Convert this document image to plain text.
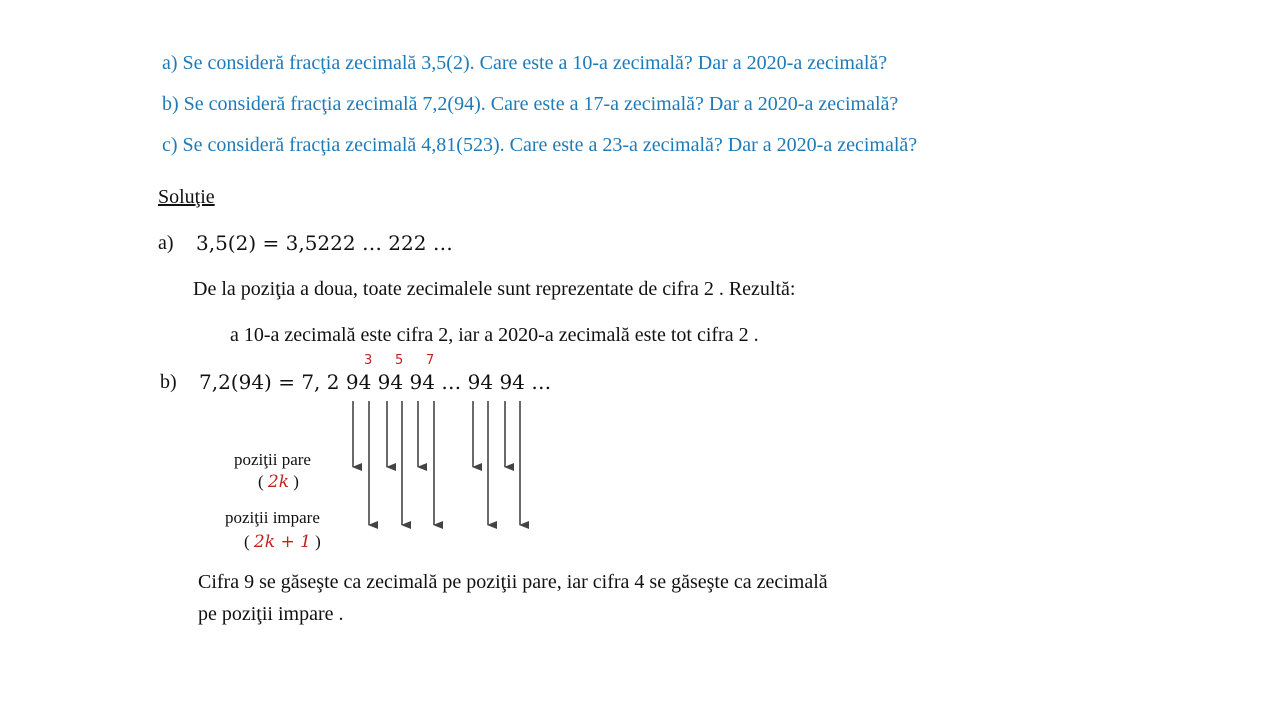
a) Se consideră fracţia zecimală 3,5(2). Care este a 10-a zecimală? Dar a 2020-a zecimală?
b) Se consideră fracţia zecimală 7,2(94). Care este a 17-a zecimală? Dar a 2020-a zecimală?
c) Se consideră fracţia zecimală 4,81(523). Care este a 23-a zecimală? Dar a 2020-a zecimală?
Soluţie
a) 3,5(2) = 3,5222 … 222 …
De la poziţia a doua, toate zecimalele sunt reprezentate de cifra 2 . Rezultă:
a 10-a zecimală este cifra 2, iar a 2020-a zecimală este tot cifra 2 .
3 5 7
b) 7,2(94) = 7, 2 94 94 94 … 94 94 …
poziţii pare
( 2k )
poziţii impare
( 2k + 1 )
Cifra 9 se găseşte ca zecimală pe poziţii pare, iar cifra 4 se găseşte ca zecimală
pe poziţii impare .
